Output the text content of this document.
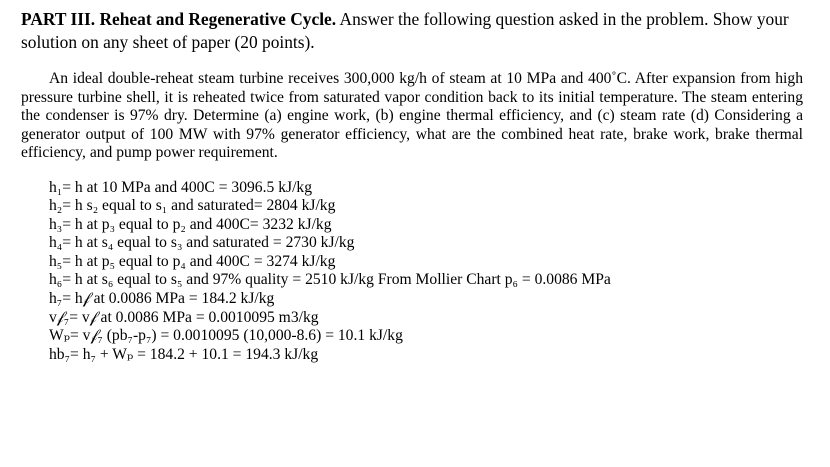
PART III. Reheat and Regenerative Cycle. Answer the following question asked in the problem. Show your solution on any sheet of paper (20 points).

An ideal double-reheat steam turbine receives 300,000 kg/h of steam at 10 MPa and 400˚C. After expansion from high pressure turbine shell, it is reheated twice from saturated vapor condition back to its initial temperature. The steam entering the condenser is 97% dry. Determine (a) engine work, (b) engine thermal efficiency, and (c) steam rate (d) Considering a generator output of 100 MW with 97% generator efficiency, what are the combined heat rate, brake work, brake thermal efficiency, and pump power requirement.

h₁= h at 10 MPa and 400C = 3096.5 kJ/kg
h₂= h s₂ equal to s₁ and saturated= 2804 kJ/kg
h₃= h at p₃ equal to p₂ and 400C= 3232 kJ/kg
h₄= h at s₄ equal to s₃ and saturated = 2730 kJ/kg
h₅= h at p₅ equal to p₄ and 400C = 3274 kJ/kg
h₆= h at s₆ equal to s₅ and 97% quality = 2510 kJ/kg From Mollier Chart p₆ = 0.0086 MPa
h₇= h𝒻 at 0.0086 MPa = 184.2 kJ/kg
v𝒻₇= v𝒻 at 0.0086 MPa = 0.0010095 m3/kg
Wₚ= v𝒻₇ (pb₇-p₇) = 0.0010095 (10,000-8.6) = 10.1 kJ/kg
hb₇= h₇ + Wₚ = 184.2 + 10.1 = 194.3 kJ/kg
